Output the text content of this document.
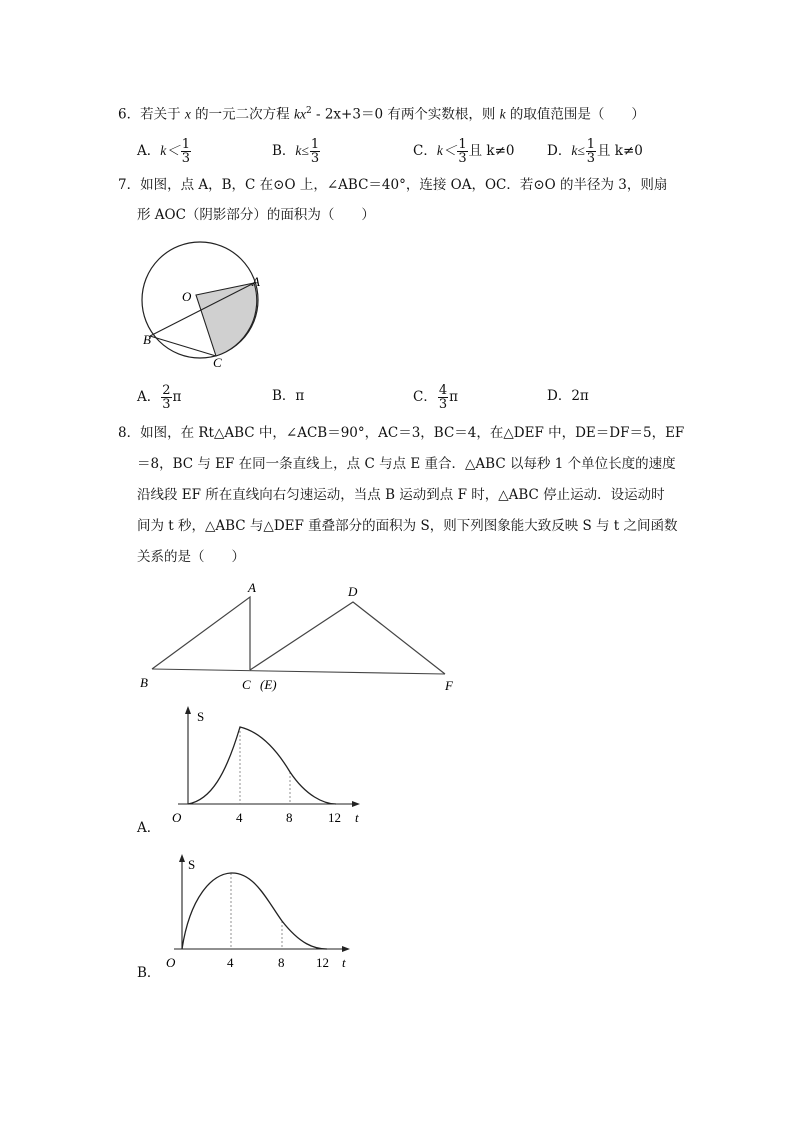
6．若关于 x 的一元二次方程 $kx^2 - 2x+3=0$ 有两个实数根，则 k 的取值范围是（　　）
A．$k< \frac{1}{3}$	B．$k\le \frac{1}{3}$	C．$k< \frac{1}{3}$ 且 k≠0 D．$k\le \frac{1}{3}$ 且 k≠0
7．如图，点 A，B，C 在⊙O 上，∠ABC＝40°，连接 OA，OC．若⊙O 的半径为 3，则扇
形 AOC（阴影部分）的面积为（　　）
O
A
B
C
A． $\frac{2}{3}$ π	B．π	C． $\frac{4}{3}$ π	D．2π
8．如图，在 Rt△ABC 中，∠ACB＝90°，AC＝3，BC＝4，在△DEF 中，DE＝DF＝5，EF
＝8，BC 与 EF 在同一条直线上，点 C 与点 E 重合．△ABC 以每秒 1 个单位长度的速度
沿线段 EF 所在直线向右匀速运动，当点 B 运动到点 F 时，△ABC 停止运动．设运动时
间为 t 秒，△ABC 与△DEF 重叠部分的面积为 S，则下列图象能大致反映 S 与 t 之间函数
关系的是（　　）
A
B	C (E)
D
F
S
t
O	4	8	12
A．
S
t
O	4	8 12
B．
